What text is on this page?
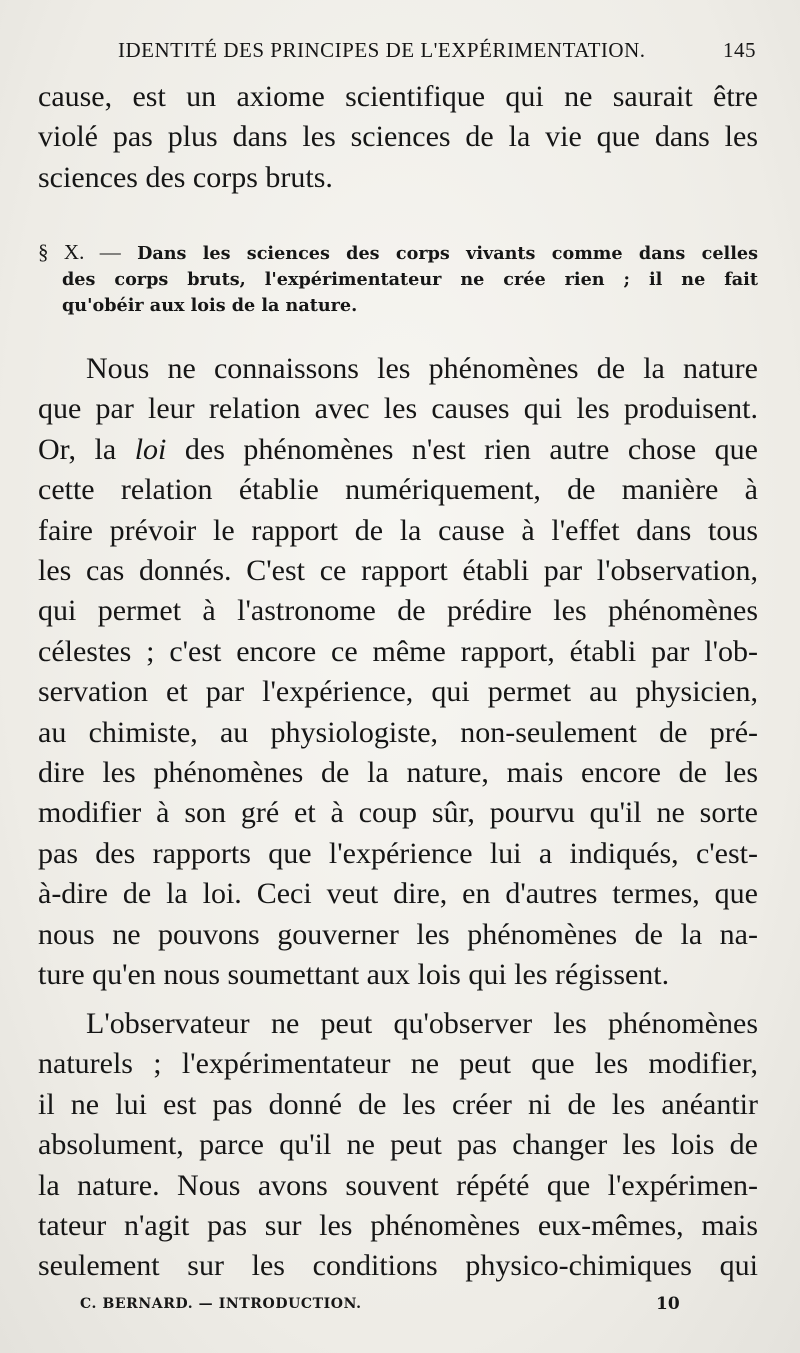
IDENTITÉ DES PRINCIPES DE L'EXPÉRIMENTATION.	145
cause, est un axiome scientifique qui ne saurait être
violé pas plus dans les sciences de la vie que dans les
sciences des corps bruts.
§ X. — Dans les sciences des corps vivants comme dans celles
des corps bruts, l'expérimentateur ne crée rien ; il ne fait
qu'obéir aux lois de la nature.
Nous ne connaissons les phénomènes de la nature
que par leur relation avec les causes qui les produisent.
Or, la loi des phénomènes n'est rien autre chose que
cette relation établie numériquement, de manière à
faire prévoir le rapport de la cause à l'effet dans tous
les cas donnés. C'est ce rapport établi par l'observation,
qui permet à l'astronome de prédire les phénomènes
célestes ; c'est encore ce même rapport, établi par l'ob-
servation et par l'expérience, qui permet au physicien,
au chimiste, au physiologiste, non-seulement de pré-
dire les phénomènes de la nature, mais encore de les
modifier à son gré et à coup sûr, pourvu qu'il ne sorte
pas des rapports que l'expérience lui a indiqués, c'est-
à-dire de la loi. Ceci veut dire, en d'autres termes, que
nous ne pouvons gouverner les phénomènes de la na-
ture qu'en nous soumettant aux lois qui les régissent.
L'observateur ne peut qu'observer les phénomènes
naturels ; l'expérimentateur ne peut que les modifier,
il ne lui est pas donné de les créer ni de les anéantir
absolument, parce qu'il ne peut pas changer les lois de
la nature. Nous avons souvent répété que l'expérimen-
tateur n'agit pas sur les phénomènes eux-mêmes, mais
seulement sur les conditions physico-chimiques qui
C. BERNARD. — INTRODUCTION.	10
